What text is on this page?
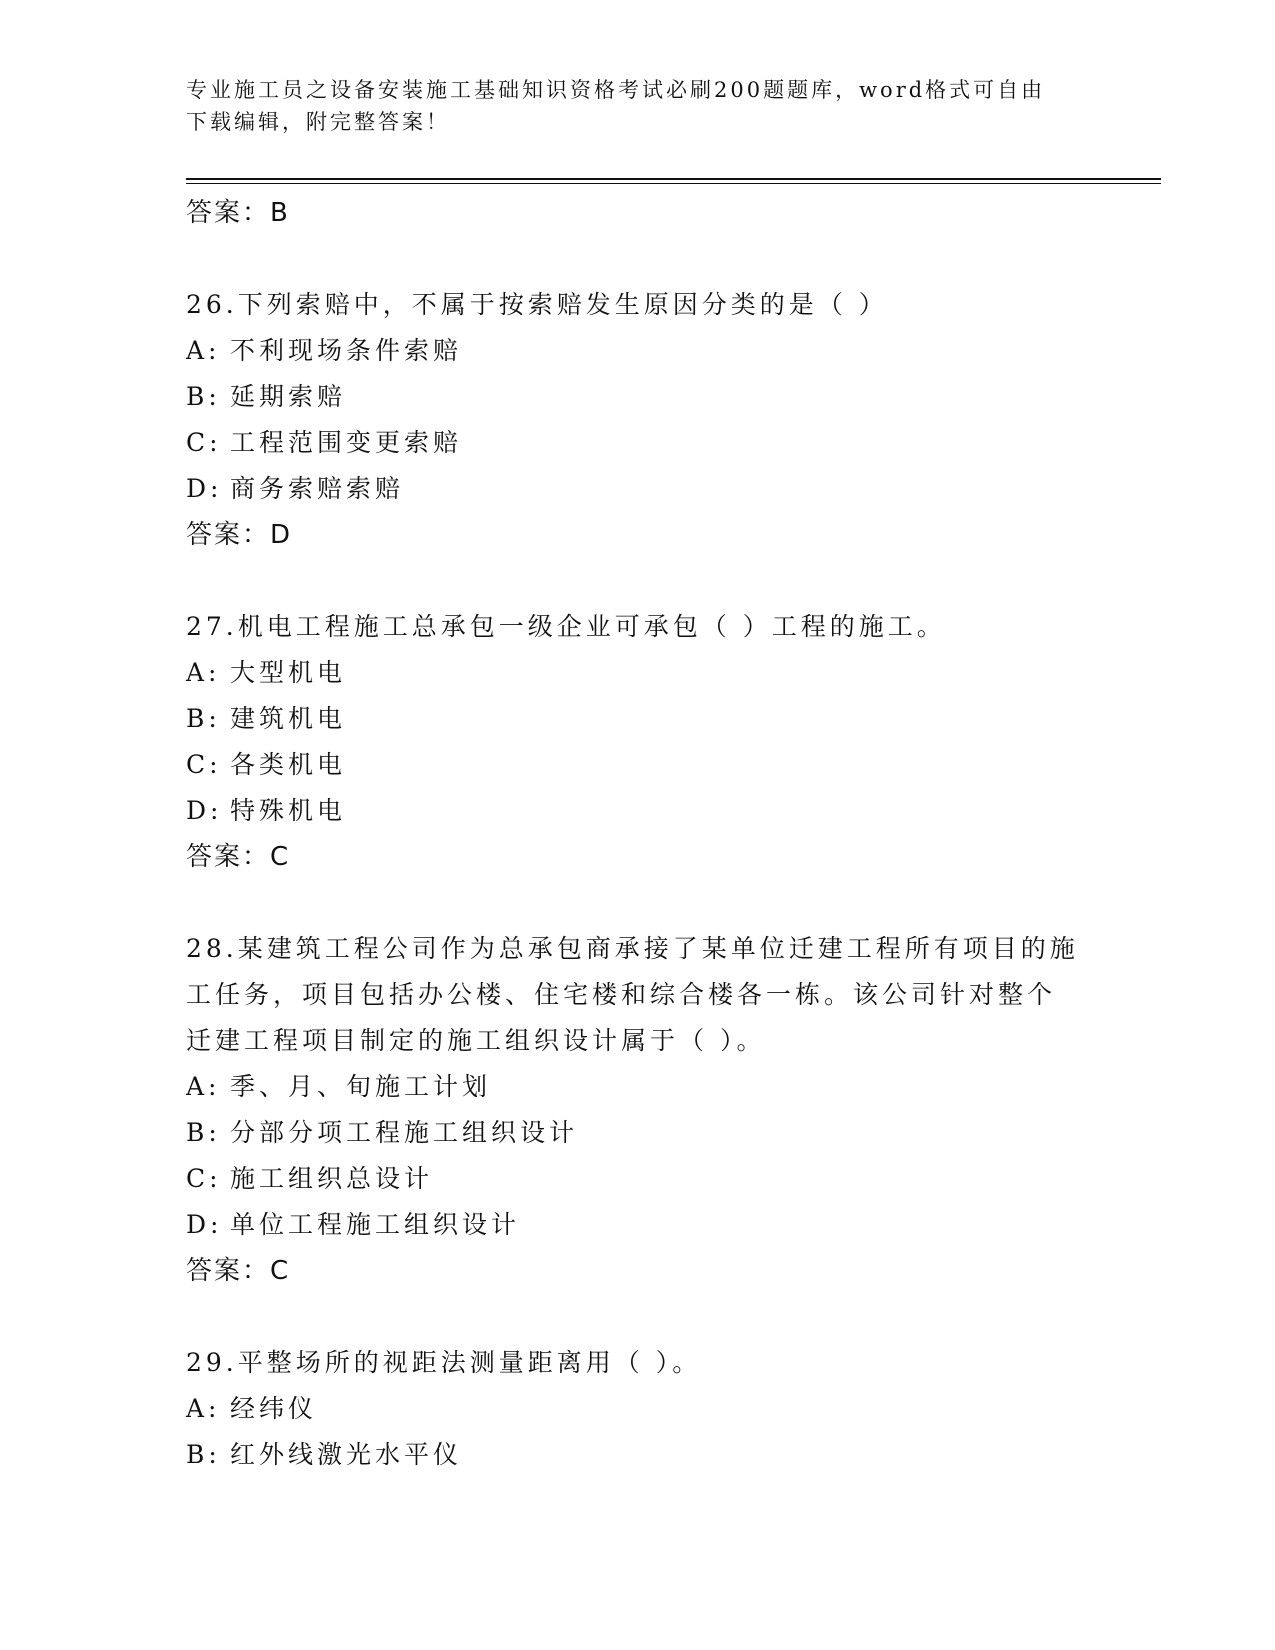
专业施工员之设备安装施工基础知识资格考试必刷200题题库，word格式可自由
下载编辑，附完整答案！
答案：B
26.下列索赔中，不属于按索赔发生原因分类的是（ ）
A: 不利现场条件索赔
B: 延期索赔
C: 工程范围变更索赔
D: 商务索赔索赔
答案：D
27.机电工程施工总承包一级企业可承包（ ）工程的施工。
A: 大型机电
B: 建筑机电
C: 各类机电
D: 特殊机电
答案：C
28.某建筑工程公司作为总承包商承接了某单位迁建工程所有项目的施
工任务，项目包括办公楼、住宅楼和综合楼各一栋。该公司针对整个
迁建工程项目制定的施工组织设计属于（ ）。
A: 季、月、旬施工计划
B: 分部分项工程施工组织设计
C: 施工组织总设计
D: 单位工程施工组织设计
答案：C
29.平整场所的视距法测量距离用（ ）。
A: 经纬仪
B: 红外线激光水平仪
